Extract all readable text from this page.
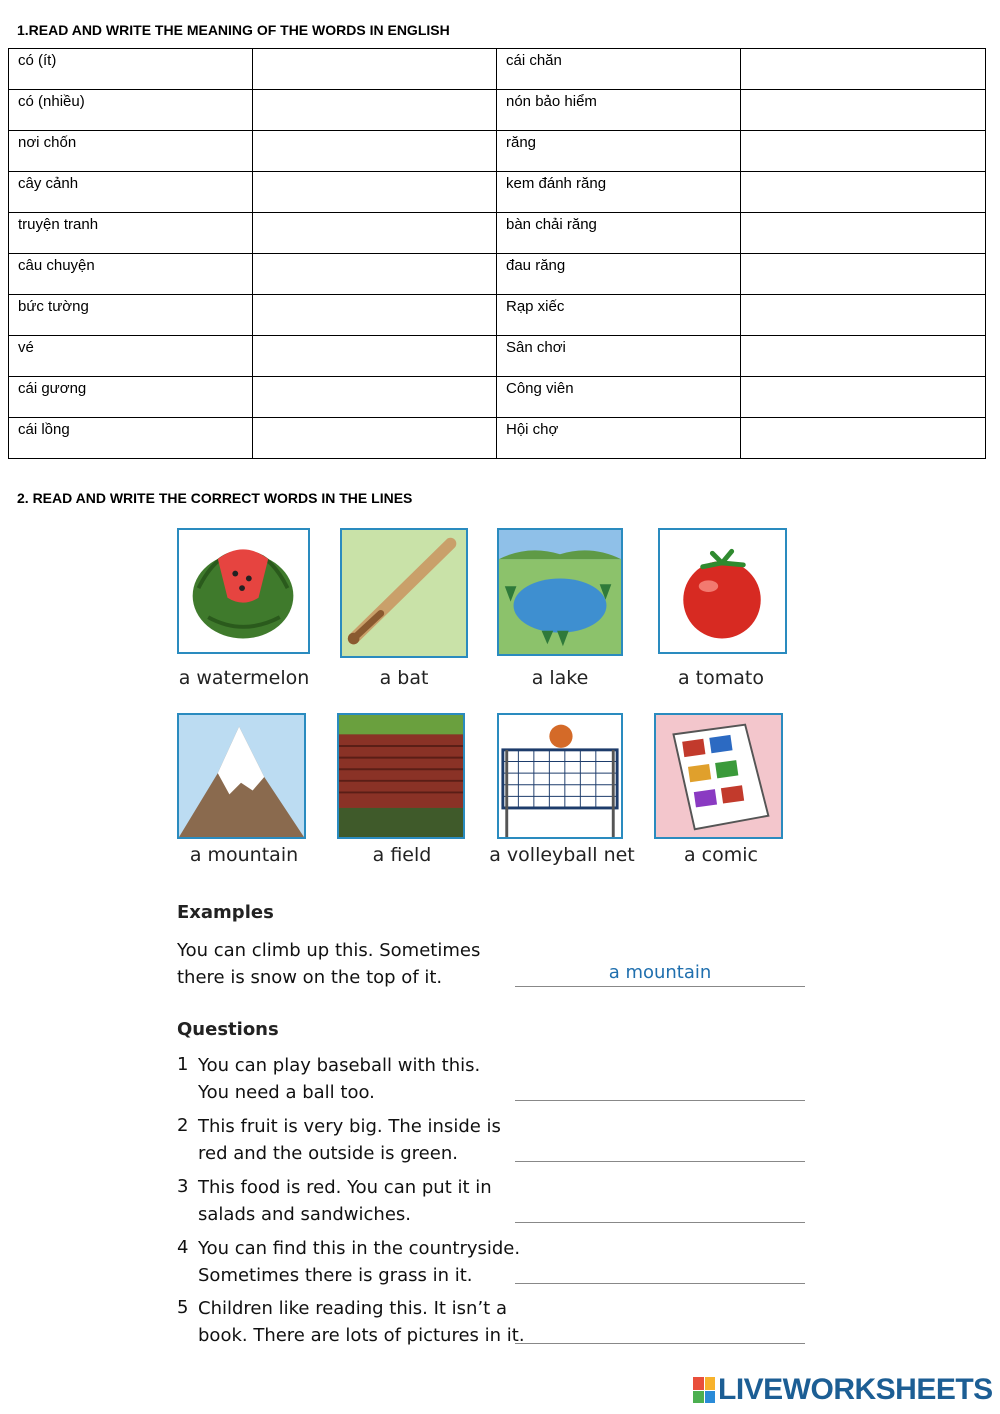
1.READ AND WRITE THE MEANING OF THE WORDS IN ENGLISH
có (ít)		cái chăn	
có (nhiều)		nón bảo hiểm	
nơi chốn		răng	
cây cảnh		kem đánh răng	
truyện tranh		bàn chải răng	
câu chuyện		đau răng	
bức tường		Rạp xiếc	
vé		Sân chơi	
cái gương		Công viên	
cái lồng		Hội chợ	
2. READ AND WRITE THE CORRECT WORDS IN THE LINES
a watermelon	a bat	a lake	a tomato
a mountain	a field	a volleyball net	a comic
Examples
You can climb up this. Sometimes
there is snow on the top of it.	a mountain
Questions
1 You can play baseball with this.
You need a ball too.
2 This fruit is very big. The inside is
red and the outside is green.
3 This food is red. You can put it in
salads and sandwiches.
4 You can find this in the countryside.
Sometimes there is grass in it.
5 Children like reading this. It isn’t a
book. There are lots of pictures in it.
LIVEWORKSHEETS
